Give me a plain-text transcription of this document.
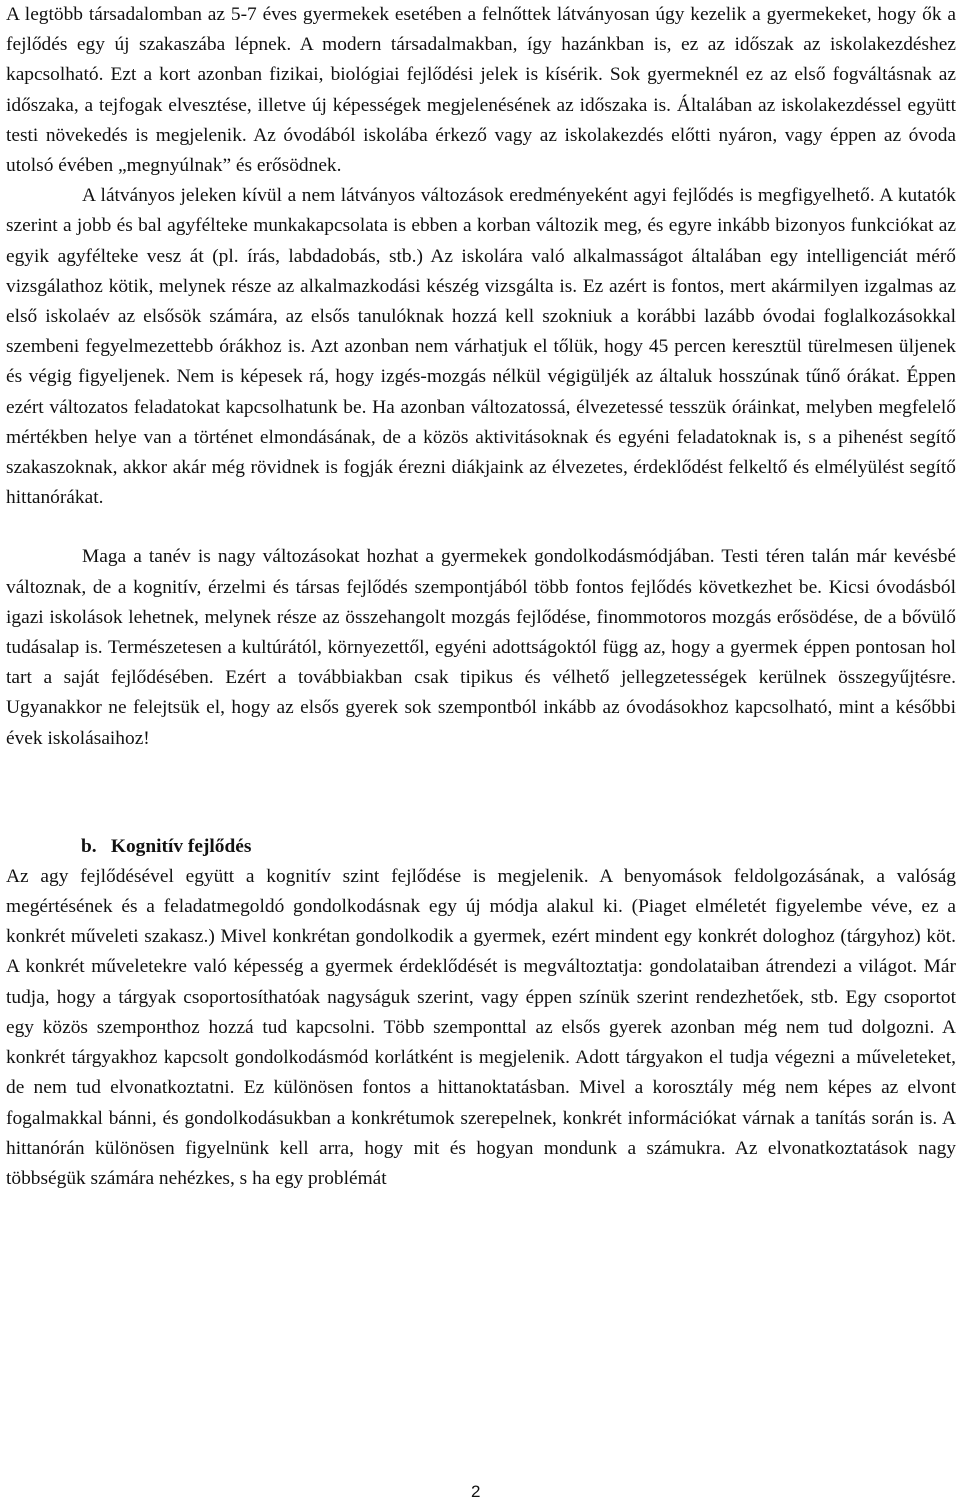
A legtöbb társadalomban az 5-7 éves gyermekek esetében a felnőttek látványosan úgy kezelik a gyermekeket, hogy ők a fejlődés egy új szakaszába lépnek. A modern társadalmakban, így hazánkban is, ez az időszak az iskolakezdéshez kapcsolható. Ezt a kort azonban fizikai, biológiai fejlődési jelek is kísérik. Sok gyermeknél ez az első fogváltásnak az időszaka, a tejfogak elvesztése, illetve új képességek megjelenésének az időszaka is. Általában az iskolakezdéssel együtt testi növekedés is megjelenik. Az óvodából iskolába érkező vagy az iskolakezdés előtti nyáron, vagy éppen az óvoda utolsó évében „megnyúlnak” és erősödnek.

A látványos jeleken kívül a nem látványos változások eredményeként agyi fejlődés is megfigyelhető. A kutatók szerint a jobb és bal agyfélteke munkakapcsolata is ebben a korban változik meg, és egyre inkább bizonyos funkciókat az egyik agyfélteke vesz át (pl. írás, labdadobás, stb.) Az iskolára való alkalmasságot általában egy intelligenciát mérő vizsgálathoz kötik, melynek része az alkalmazkodási készég vizsgálta is. Ez azért is fontos, mert akármilyen izgalmas az első iskolaév az elsősök számára, az elsős tanulóknak hozzá kell szokniuk a korábbi lazább óvodai foglalkozásokkal szembeni fegyelmezettebb órákhoz is. Azt azonban nem várhatjuk el tőlük, hogy 45 percen keresztül türelmesen üljenek és végig figyeljenek. Nem is képesek rá, hogy izgés-mozgás nélkül végigüljék az általuk hosszúnak tűnő órákat. Éppen ezért változatos feladatokat kapcsolhatunk be. Ha azonban változatossá, élvezetessé tesszük óráinkat, melyben megfelelő mértékben helye van a történet elmondásának, de a közös aktivitásoknak és egyéni feladatoknak is, s a pihenést segítő szakaszoknak, akkor akár még rövidnek is fogják érezni diákjaink az élvezetes, érdeklődést felkeltő és elmélyülést segítő hittanórákat.

Maga a tanév is nagy változásokat hozhat a gyermekek gondolkodásmódjában. Testi téren talán már kevésbé változnak, de a kognitív, érzelmi és társas fejlődés szempontjából több fontos fejlődés következhet be. Kicsi óvodásból igazi iskolások lehetnek, melynek része az összehangolt mozgás fejlődése, finommotoros mozgás erősödése, de a bővülő tudásalap is. Természetesen a kultúrától, környezettől, egyéni adottságoktól függ az, hogy a gyermek éppen pontosan hol tart a saját fejlődésében. Ezért a továbbiakban csak tipikus és vélhető jellegzetességek kerülnek összegyűjtésre. Ugyanakkor ne felejtsük el, hogy az elsős gyerek sok szempontból inkább az óvodásokhoz kapcsolható, mint a későbbi évek iskolásaihoz!

b. Kognitív fejlődés

Az agy fejlődésével együtt a kognitív szint fejlődése is megjelenik. A benyomások feldolgozásának, a valóság megértésének és a feladatmegoldó gondolkodásnak egy új módja alakul ki. (Piaget elméletét figyelembe véve, ez a konkrét műveleti szakasz.) Mivel konkrétan gondolkodik a gyermek, ezért mindent egy konkrét dologhoz (tárgyhoz) köt. A konkrét műveletekre való képesség a gyermek érdeklődését is megváltoztatja: gondolataiban átrendezi a világot. Már tudja, hogy a tárgyak csoportosíthatóak nagyságuk szerint, vagy éppen színük szerint rendezhetőek, stb. Egy csoportot egy közös szempонthoz hozzá tud kapcsolni. Több szemponttal az elsős gyerek azonban még nem tud dolgozni. A konkrét tárgyakhoz kapcsolt gondolkodásmód korlátként is megjelenik. Adott tárgyakon el tudja végezni a műveleteket, de nem tud elvonatkoztatni. Ez különösen fontos a hittanoktatásban. Mivel a korosztály még nem képes az elvont fogalmakkal bánni, és gondolkodásukban a konkrétumok szerepelnek, konkrét információkat várnak a tanítás során is. A hittanórán különösen figyelnünk kell arra, hogy mit és hogyan mondunk a számukra. Az elvonatkoztatások nagy többségük számára nehézkes, s ha egy problémát

2
